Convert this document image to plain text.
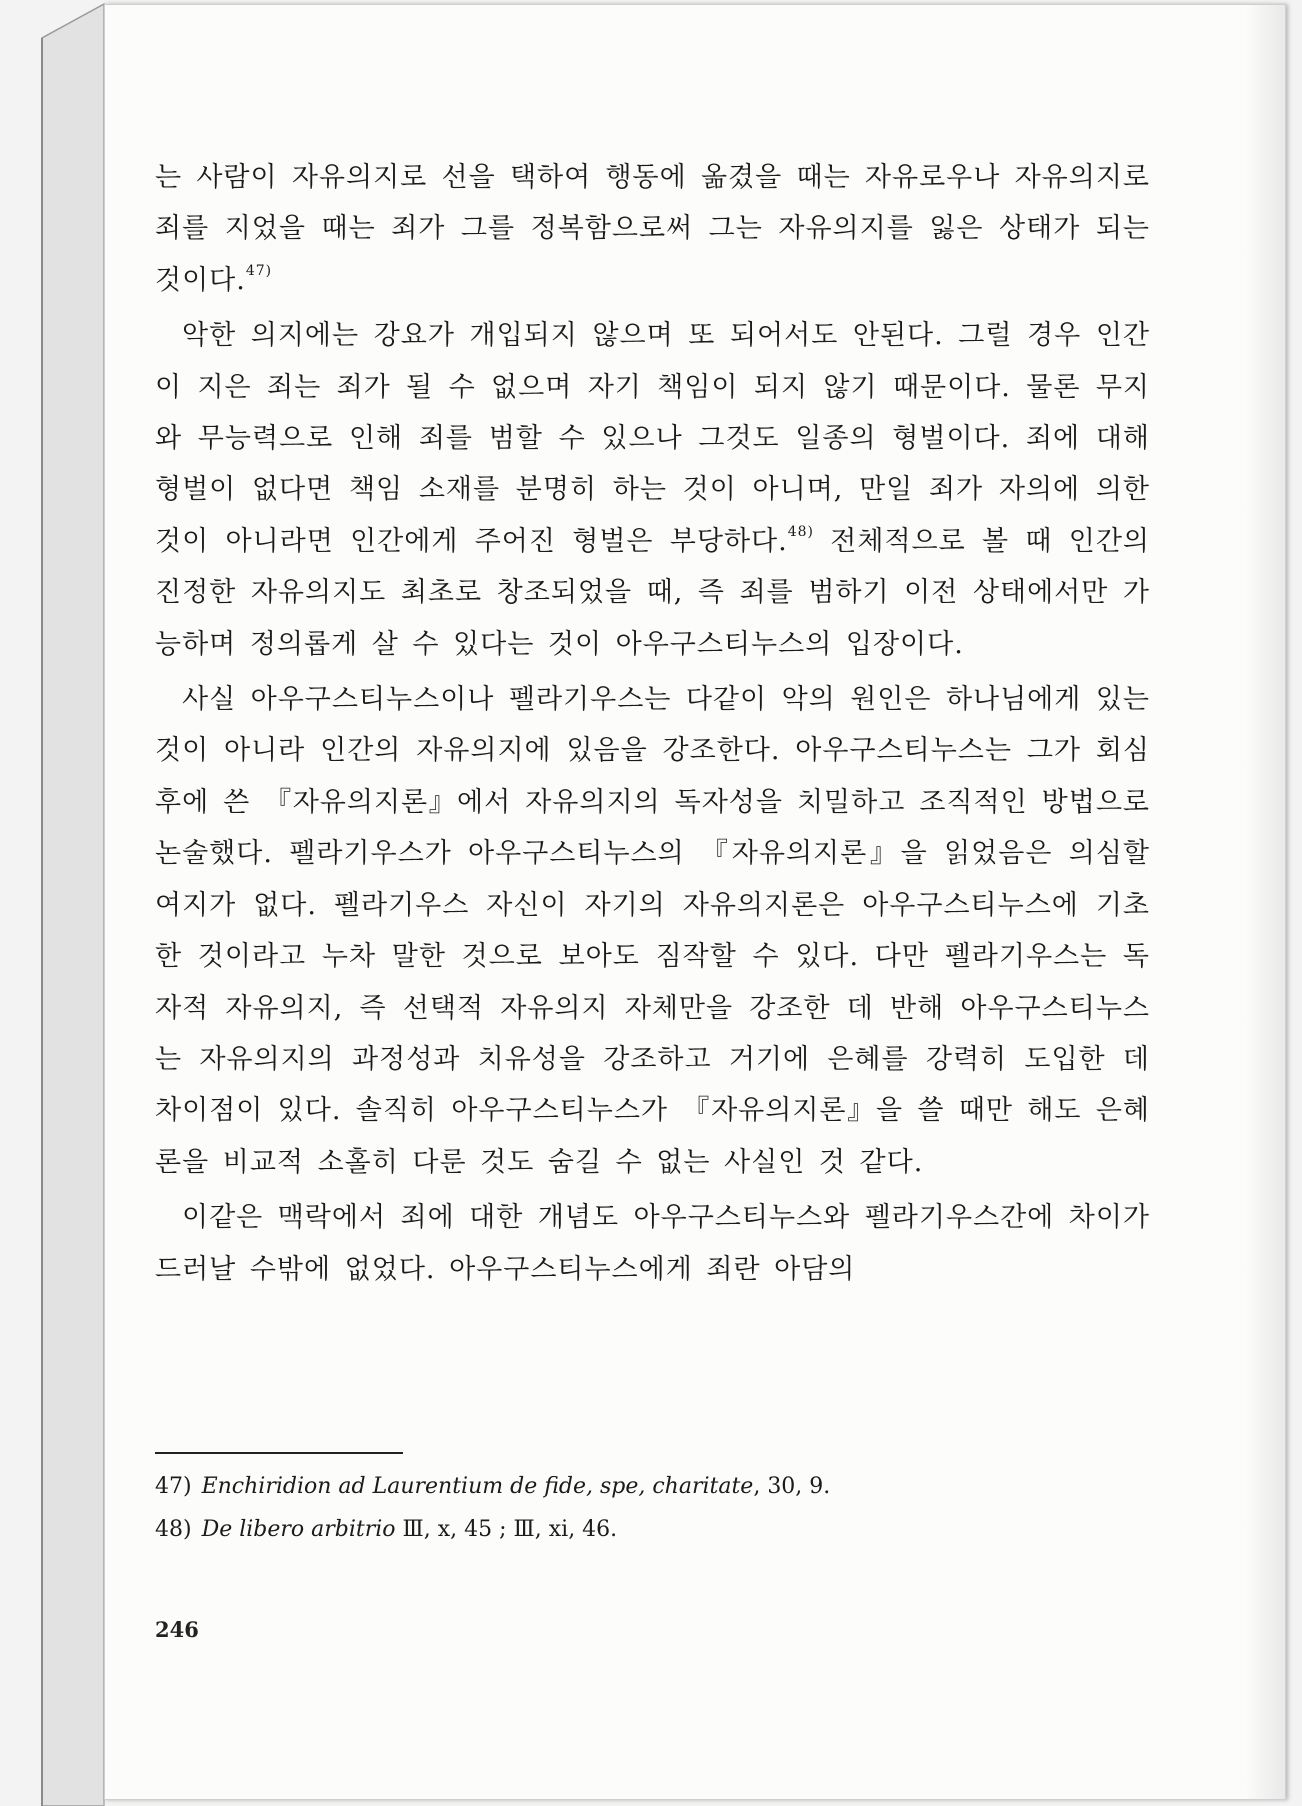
는 사람이 자유의지로 선을 택하여 행동에 옮겼을 때는 자유로우나 자유의지로 죄를 지었을 때는 죄가 그를 정복함으로써 그는 자유의지를 잃은 상태가 되는 것이다.$^{47)}$

악한 의지에는 강요가 개입되지 않으며 또 되어서도 안된다. 그럴 경우 인간이 지은 죄는 죄가 될 수 없으며 자기 책임이 되지 않기 때문이다. 물론 무지와 무능력으로 인해 죄를 범할 수 있으나 그것도 일종의 형벌이다. 죄에 대해 형벌이 없다면 책임 소재를 분명히 하는 것이 아니며, 만일 죄가 자의에 의한 것이 아니라면 인간에게 주어진 형벌은 부당하다.$^{48)}$ 전체적으로 볼 때 인간의 진정한 자유의지도 최초로 창조되었을 때, 즉 죄를 범하기 이전 상태에서만 가능하며 정의롭게 살 수 있다는 것이 아우구스티누스의 입장이다.

사실 아우구스티누스이나 펠라기우스는 다같이 악의 원인은 하나님에게 있는 것이 아니라 인간의 자유의지에 있음을 강조한다. 아우구스티누스는 그가 회심 후에 쓴 『자유의지론』에서 자유의지의 독자성을 치밀하고 조직적인 방법으로 논술했다. 펠라기우스가 아우구스티누스의 『자유의지론』을 읽었음은 의심할 여지가 없다. 펠라기우스 자신이 자기의 자유의지론은 아우구스티누스에 기초한 것이라고 누차 말한 것으로 보아도 짐작할 수 있다. 다만 펠라기우스는 독자적 자유의지, 즉 선택적 자유의지 자체만을 강조한 데 반해 아우구스티누스는 자유의지의 과정성과 치유성을 강조하고 거기에 은혜를 강력히 도입한 데 차이점이 있다. 솔직히 아우구스티누스가 『자유의지론』을 쓸 때만 해도 은혜론을 비교적 소홀히 다룬 것도 숨길 수 없는 사실인 것 같다.

이같은 맥락에서 죄에 대한 개념도 아우구스티누스와 펠라기우스간에 차이가 드러날 수밖에 없었다. 아우구스티누스에게 죄란 아담의

47) Enchiridion ad Laurentium de fide, spe, charitate, 30, 9.
48) De libero arbitrio Ⅲ, x, 45 ; Ⅲ, xi, 46.
246
